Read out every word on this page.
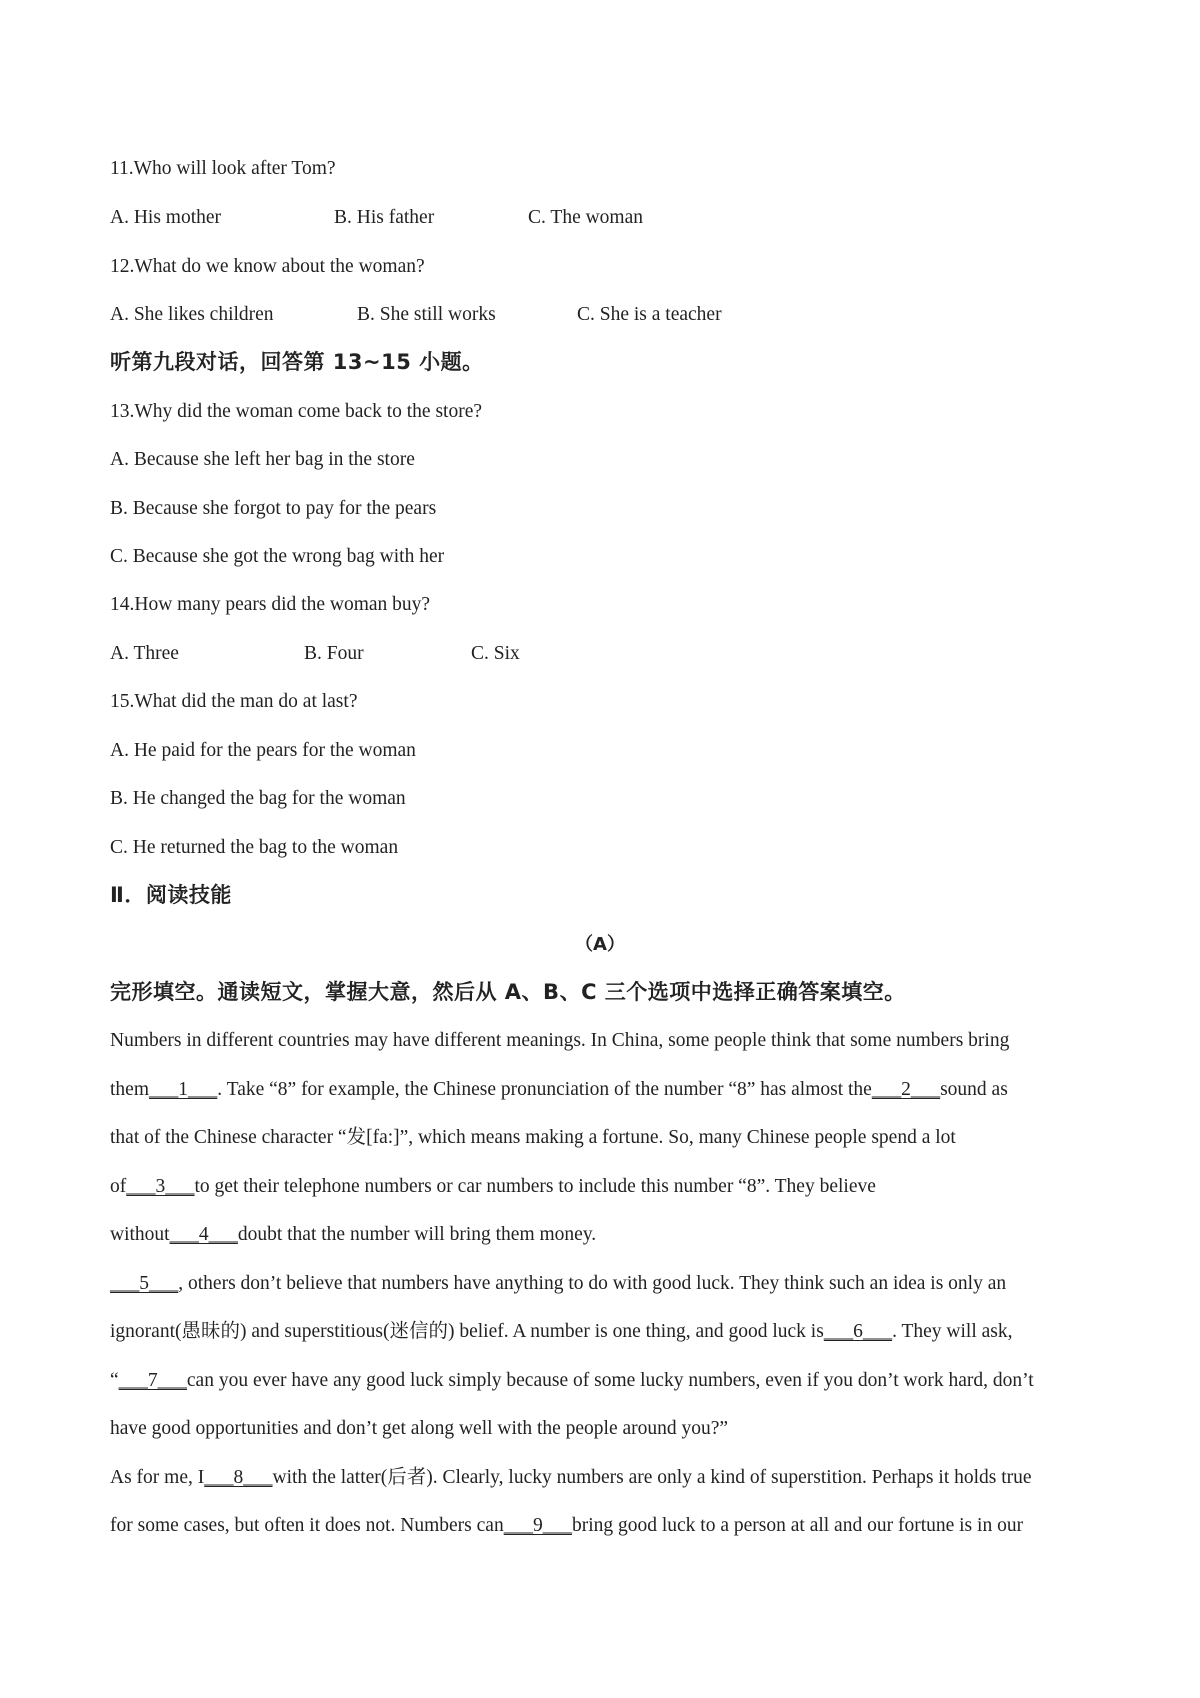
11.Who will look after Tom?
A. His mother	B. His father	C. The woman
12.What do we know about the woman?
A. She likes children	B. She still works	C. She is a teacher
听第九段对话，回答第 13~15 小题。
13.Why did the woman come back to the store?
A. Because she left her bag in the store
B. Because she forgot to pay for the pears
C. Because she got the wrong bag with her
14.How many pears did the woman buy?
A. Three	B. Four	C. Six
15.What did the man do at last?
A. He paid for the pears for the woman
B. He changed the bag for the woman
C. He returned the bag to the woman
Ⅱ．阅读技能
（A）
完形填空。通读短文，掌握大意，然后从 A、B、C 三个选项中选择正确答案填空。
Numbers in different countries may have different meanings. In China, some people think that some numbers bring
them___1___. Take “8” for example, the Chinese pronunciation of the number “8” has almost the___2___sound as
that of the Chinese character “发[fa:]”, which means making a fortune. So, many Chinese people spend a lot
of___3___to get their telephone numbers or car numbers to include this number “8”. They believe
without___4___doubt that the number will bring them money.
___5___, others don’t believe that numbers have anything to do with good luck. They think such an idea is only an
ignorant(愚昧的) and superstitious(迷信的) belief. A number is one thing, and good luck is___6___. They will ask,
“___7___can you ever have any good luck simply because of some lucky numbers, even if you don’t work hard, don’t
have good opportunities and don’t get along well with the people around you?”
As for me, I___8___with the latter(后者). Clearly, lucky numbers are only a kind of superstition. Perhaps it holds true
for some cases, but often it does not. Numbers can___9___bring good luck to a person at all and our fortune is in our
